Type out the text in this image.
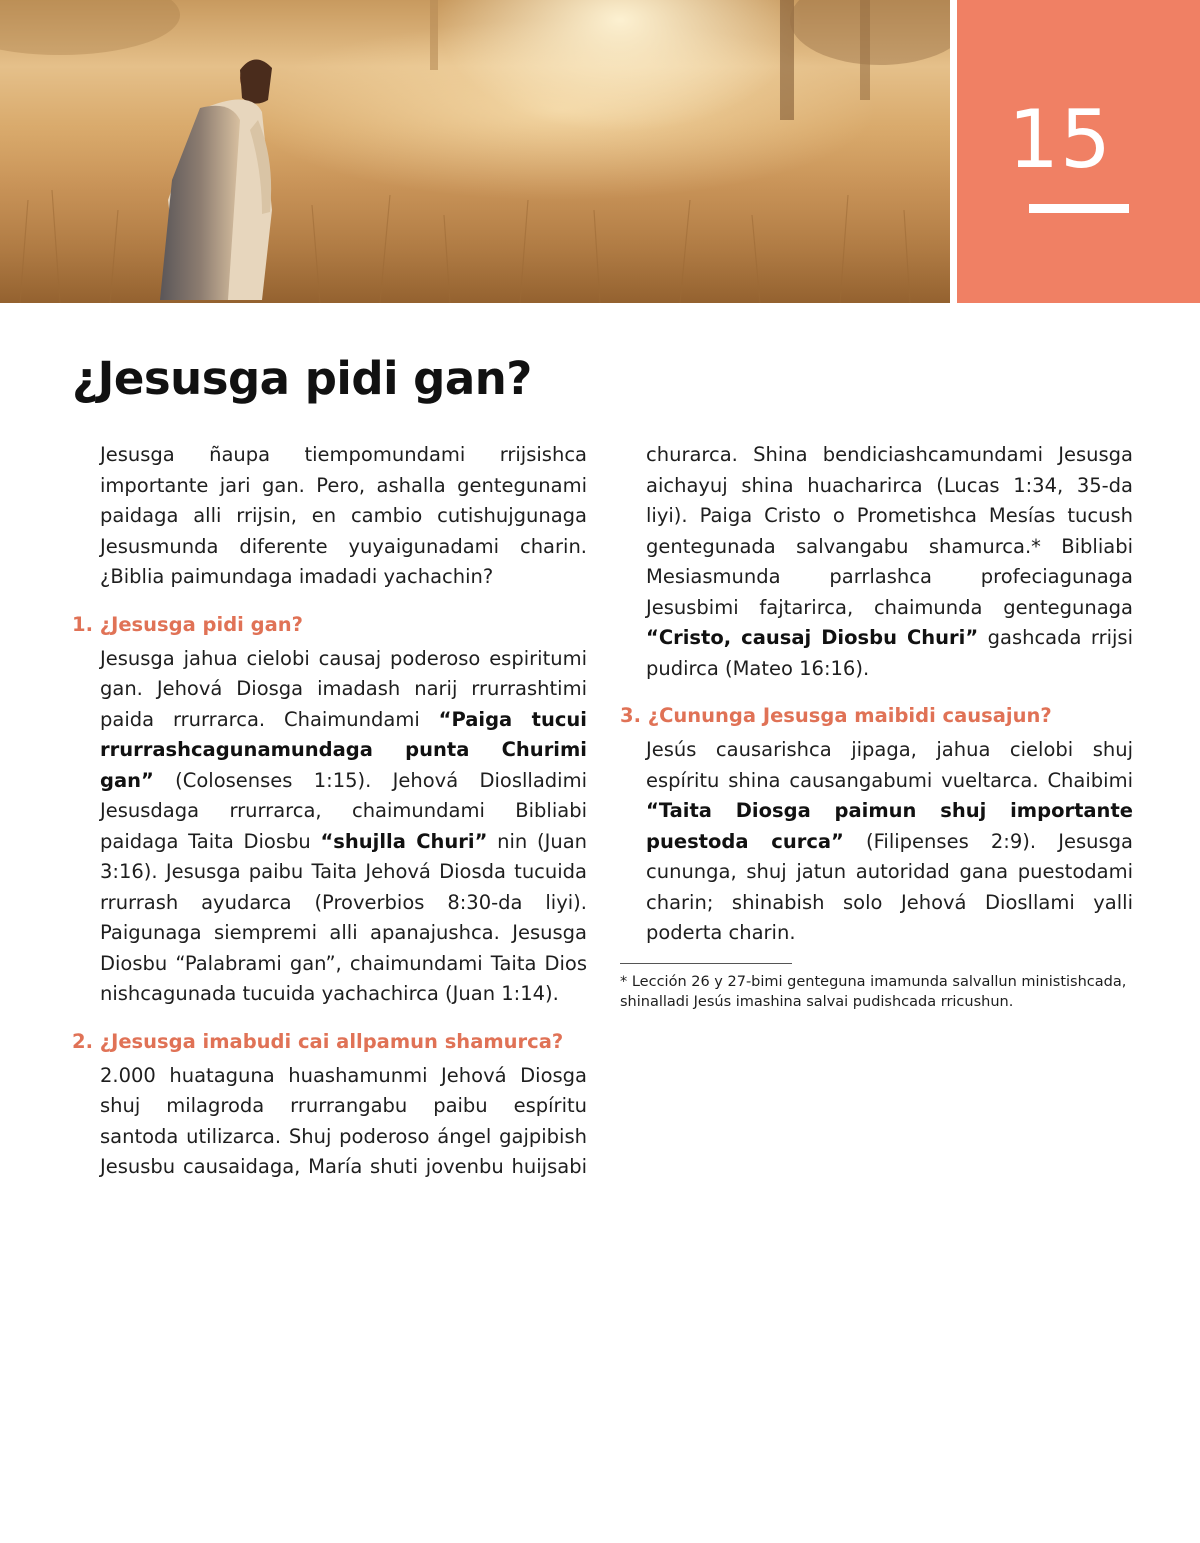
15
¿Jesusga pidi gan?

Jesusga ñaupa tiempomundami rrijsishca importante jari gan. Pero, ashalla gentegunami paidaga alli rrijsin, en cambio cutishujgunaga Jesusmunda diferente yuyaigunadami charin. ¿Biblia paimundaga imadadi yachachin?

1. ¿Jesusga pidi gan?

Jesusga jahua cielobi causaj poderoso espiritumi gan. Jehová Diosga imadash narij rrurrashtimi paida rrurrarca. Chaimundami “Paiga tucui rrurrashcagunamundaga punta Churimi gan” (Colosenses 1:15). Jehová Dioslladimi Jesusdaga rrurrarca, chaimundami Bibliabi paidaga Taita Diosbu “shujlla Churi” nin (Juan 3:16). Jesusga paibu Taita Jehová Diosda tucuida rrurrash ayudarca (Proverbios 8:30-da liyi). Paigunaga siempremi alli apanajushca. Jesusga Diosbu “Palabrami gan”, chaimundami Taita Dios nishcagunada tucuida yachachirca (Juan 1:14).

2. ¿Jesusga imabudi cai allpamun shamurca?

2.000 huataguna huashamunmi Jehová Diosga shuj milagroda rrurrangabu paibu espíritu santoda utilizarca. Shuj poderoso ángel gajpibish Jesusbu causaidaga, María shuti jovenbu huijsabi

churarca. Shina bendiciashcamundami Jesusga aichayuj shina huacharirca (Lucas 1:34, 35-da liyi). Paiga Cristo o Prometishca Mesías tucush gentegunada salvangabu shamurca.* Bibliabi Mesiasmunda parrlashca profeciagunaga Jesusbimi fajtarirca, chaimunda gentegunaga “Cristo, causaj Diosbu Churi” gashcada rrijsi pudirca (Mateo 16:16).

3. ¿Cununga Jesusga maibidi causajun?

Jesús causarishca jipaga, jahua cielobi shuj espíritu shina causangabumi vueltarca. Chaibimi “Taita Diosga paimun shuj importante puestoda curca” (Filipenses 2:9). Jesusga cununga, shuj jatun autoridad gana puestodami charin; shinabish solo Jehová Diosllami yalli poderta charin.

* Lección 26 y 27-bimi genteguna imamunda salvallun ministishcada, shinalladi Jesús imashina salvai pudishcada rricushun.
